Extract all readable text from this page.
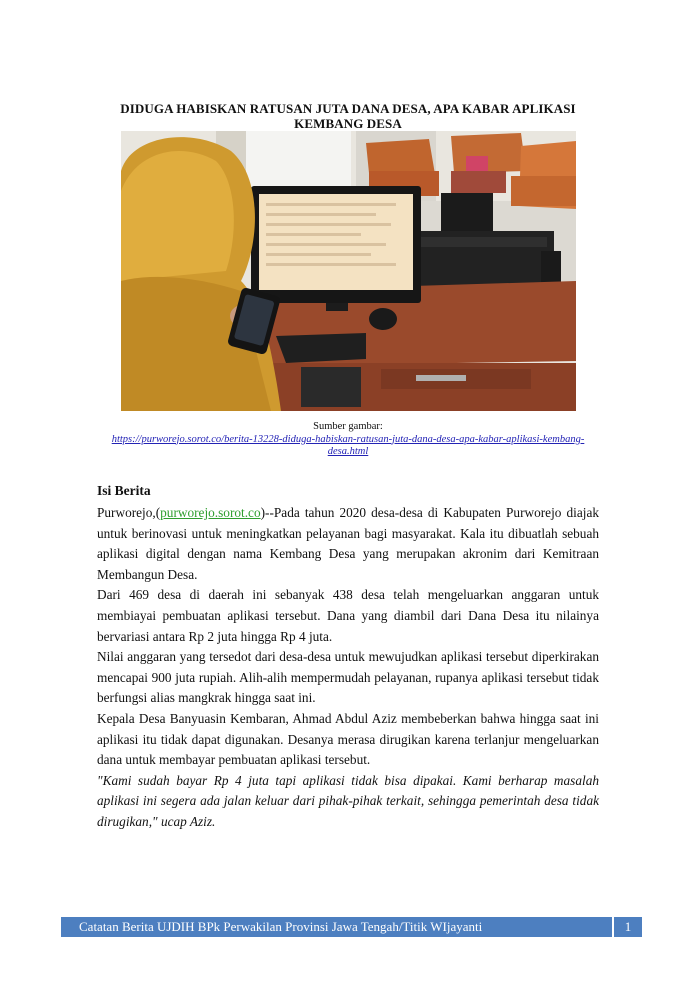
DIDUGA HABISKAN RATUSAN JUTA DANA DESA, APA KABAR APLIKASI KEMBANG DESA
Sumber gambar:
https://purworejo.sorot.co/berita-13228-diduga-habiskan-ratusan-juta-dana-desa-apa-kabar-aplikasi-kembang-desa.html
Isi Berita

Purworejo,(purworejo.sorot.co)--Pada tahun 2020 desa-desa di Kabupaten Purworejo diajak untuk berinovasi untuk meningkatkan pelayanan bagi masyarakat. Kala itu dibuatlah sebuah aplikasi digital dengan nama Kembang Desa yang merupakan akronim dari Kemitraan Membangun Desa.

Dari 469 desa di daerah ini sebanyak 438 desa telah mengeluarkan anggaran untuk membiayai pembuatan aplikasi tersebut. Dana yang diambil dari Dana Desa itu nilainya bervariasi antara Rp 2 juta hingga Rp 4 juta.

Nilai anggaran yang tersedot dari desa-desa untuk mewujudkan aplikasi tersebut diperkirakan mencapai 900 juta rupiah. Alih-alih mempermudah pelayanan, rupanya aplikasi tersebut tidak berfungsi alias mangkrak hingga saat ini.

Kepala Desa Banyuasin Kembaran, Ahmad Abdul Aziz membeberkan bahwa hingga saat ini aplikasi itu tidak dapat digunakan. Desanya merasa dirugikan karena terlanjur mengeluarkan dana untuk membayar pembuatan aplikasi tersebut.

"Kami sudah bayar Rp 4 juta tapi aplikasi tidak bisa dipakai. Kami berharap masalah aplikasi ini segera ada jalan keluar dari pihak-pihak terkait, sehingga pemerintah desa tidak dirugikan," ucap Aziz.

Catatan Berita UJDIH BPk Perwakilan Provinsi Jawa Tengah/Titik WIjayanti	1
